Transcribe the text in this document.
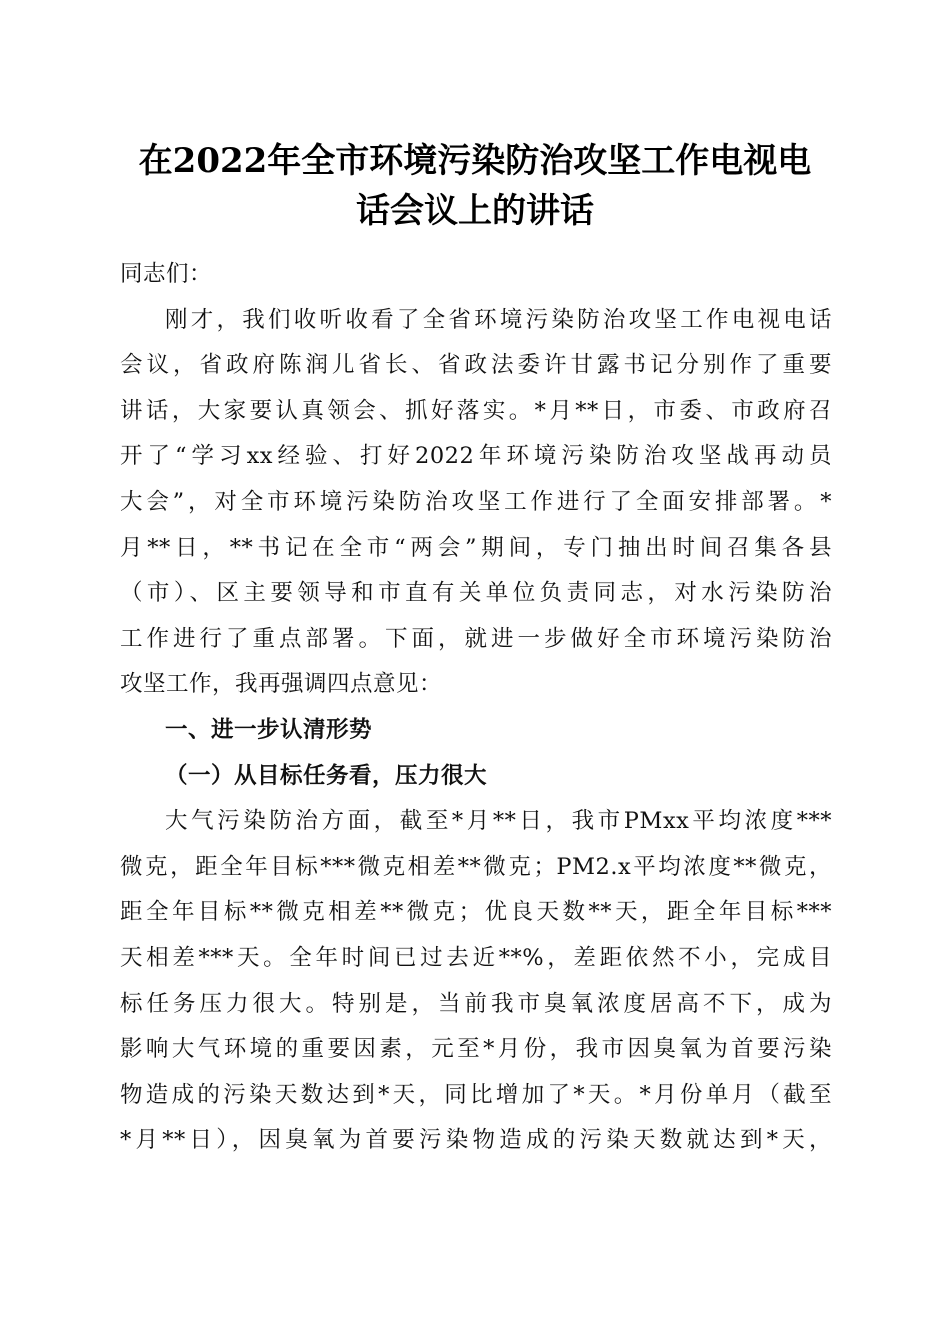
在2022年全市环境污染防治攻坚工作电视电
话会议上的讲话
同志们：
刚才，我们收听收看了全省环境污染防治攻坚工作电视电话
会议，省政府陈润儿省长、省政法委许甘露书记分别作了重要
讲话，大家要认真领会、抓好落实。*月**日，市委、市政府召
开了“学习xx经验、打好2022年环境污染防治攻坚战再动员
大会”，对全市环境污染防治攻坚工作进行了全面安排部署。*
月**日，**书记在全市“两会”期间，专门抽出时间召集各县
（市）、区主要领导和市直有关单位负责同志，对水污染防治
工作进行了重点部署。下面，就进一步做好全市环境污染防治
攻坚工作，我再强调四点意见：
一、进一步认清形势
（一）从目标任务看，压力很大
大气污染防治方面，截至*月**日，我市PMxx平均浓度***
微克，距全年目标***微克相差**微克；PM2.x平均浓度**微克，
距全年目标**微克相差**微克；优良天数**天，距全年目标***
天相差***天。全年时间已过去近**%，差距依然不小，完成目
标任务压力很大。特别是，当前我市臭氧浓度居高不下，成为
影响大气环境的重要因素，元至*月份，我市因臭氧为首要污染
物造成的污染天数达到*天，同比增加了*天。*月份单月（截至
*月**日），因臭氧为首要污染物造成的污染天数就达到*天，
